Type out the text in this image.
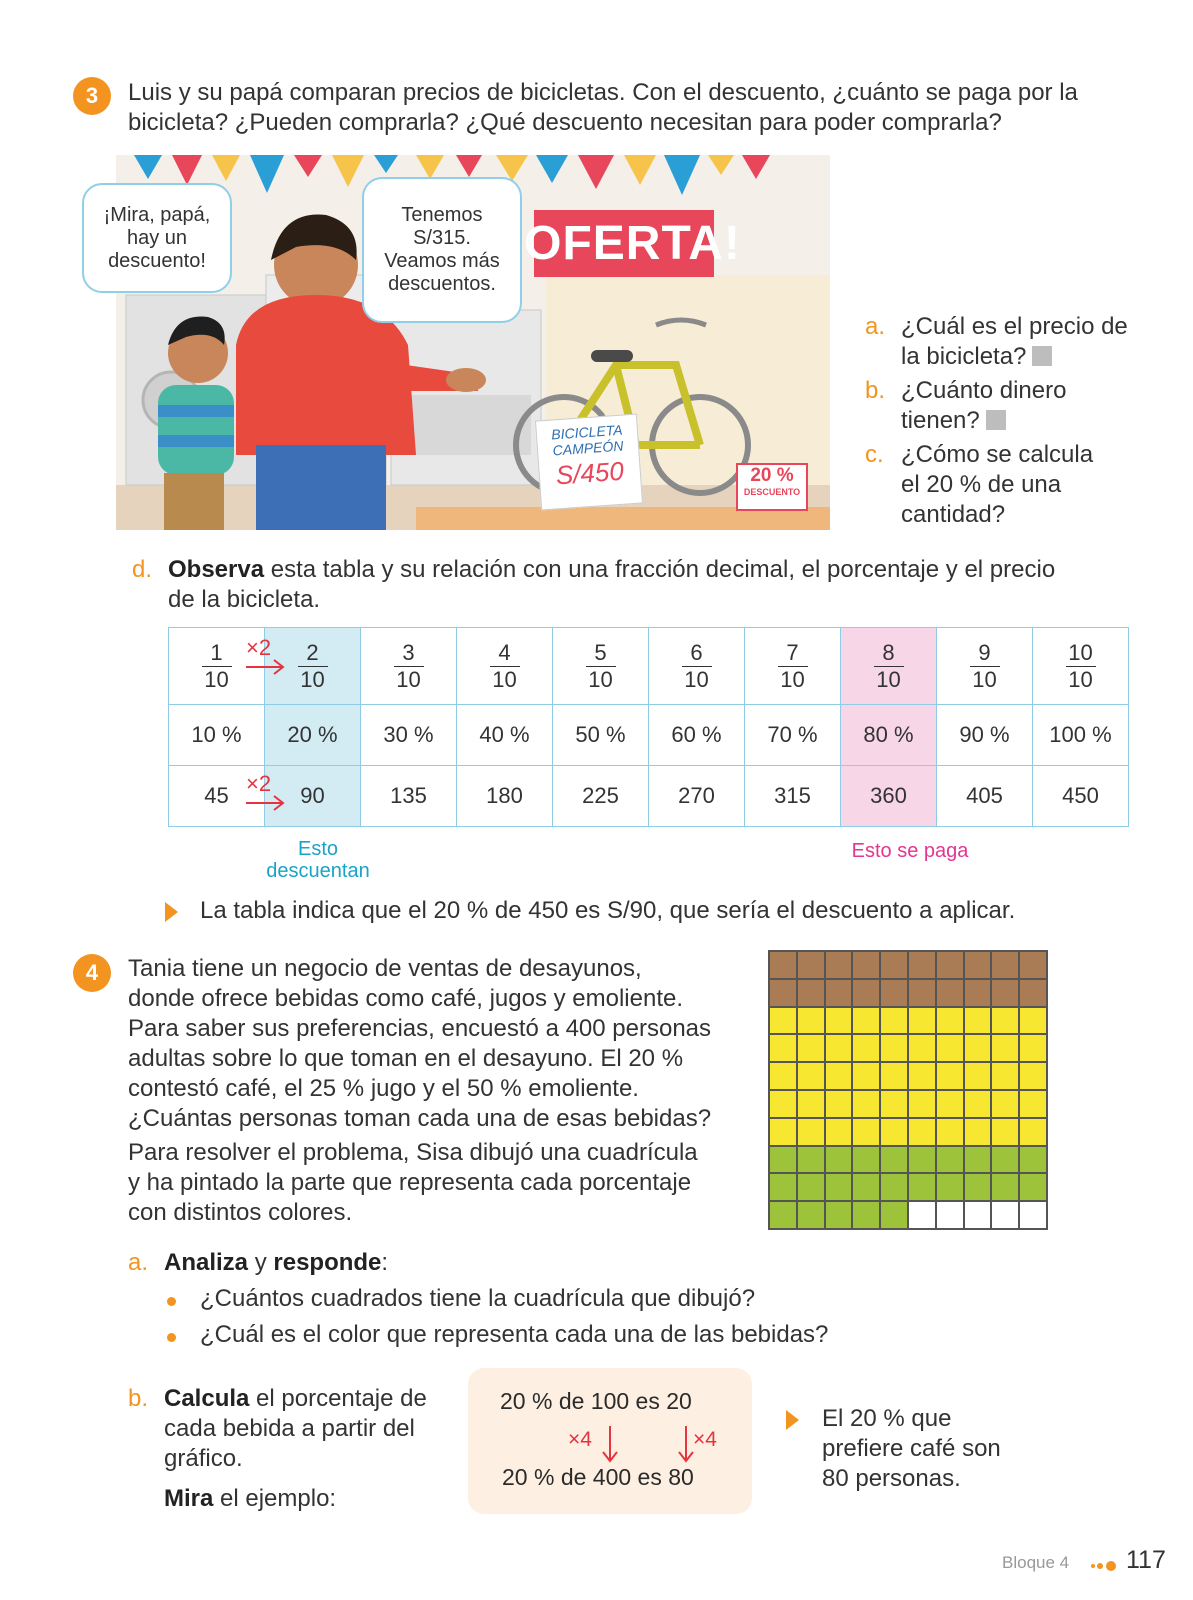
3 Luis y su papá comparan precios de bicicletas. Con el descuento, ¿cuánto se paga por la
bicicleta? ¿Pueden comprarla? ¿Qué descuento necesitan para poder comprarla?
¡Mira, papá,
hay un
descuento!
Tenemos
S/315.
Veamos más
descuentos.
¡OFERTA!
BICICLETA
CAMPEÓN
S/450	20 %
DESCUENTO
a. ¿Cuál es el precio de
la bicicleta?
b. ¿Cuánto dinero
tienen?
c. ¿Cómo se calcula
el 20 % de una
cantidad?
d. Observa esta tabla y su relación con una fracción decimal, el porcentaje y el precio
de la bicicleta.
$\frac{1}{10}$	$\frac{2}{10}$	$\frac{3}{10}$	$\frac{4}{10}$	$\frac{5}{10}$	$\frac{6}{10}$	$\frac{7}{10}$	$\frac{8}{10}$	$\frac{9}{10}$	$\frac{10}{10}$

10 %	20 %	30 %	40 %	50 %	60 %	70 %	80 %	90 %	100 %
45	90	135	180	225	270	315	360	405	450
Esto
descuentan
Esto se paga
La tabla indica que el 20 % de 450 es S/90, que sería el descuento a aplicar.
4 Tania tiene un negocio de ventas de desayunos,
donde ofrece bebidas como café, jugos y emoliente.
Para saber sus preferencias, encuestó a 400 personas
adultas sobre lo que toman en el desayuno. El 20 %
contestó café, el 25 % jugo y el 50 % emoliente.
¿Cuántas personas toman cada una de esas bebidas?
Para resolver el problema, Sisa dibujó una cuadrícula
y ha pintado la parte que representa cada porcentaje
con distintos colores.
a. Analiza y responde:
¿Cuántos cuadrados tiene la cuadrícula que dibujó?
¿Cuál es el color que representa cada una de las bebidas?
b. Calcula el porcentaje de
cada bebida a partir del
gráfico.
Mira el ejemplo:
20 % de 100 es 20
×4	×4
20 % de 400 es 80
El 20 % que
prefiere café son
80 personas.
Bloque 4 117
×2
×2
